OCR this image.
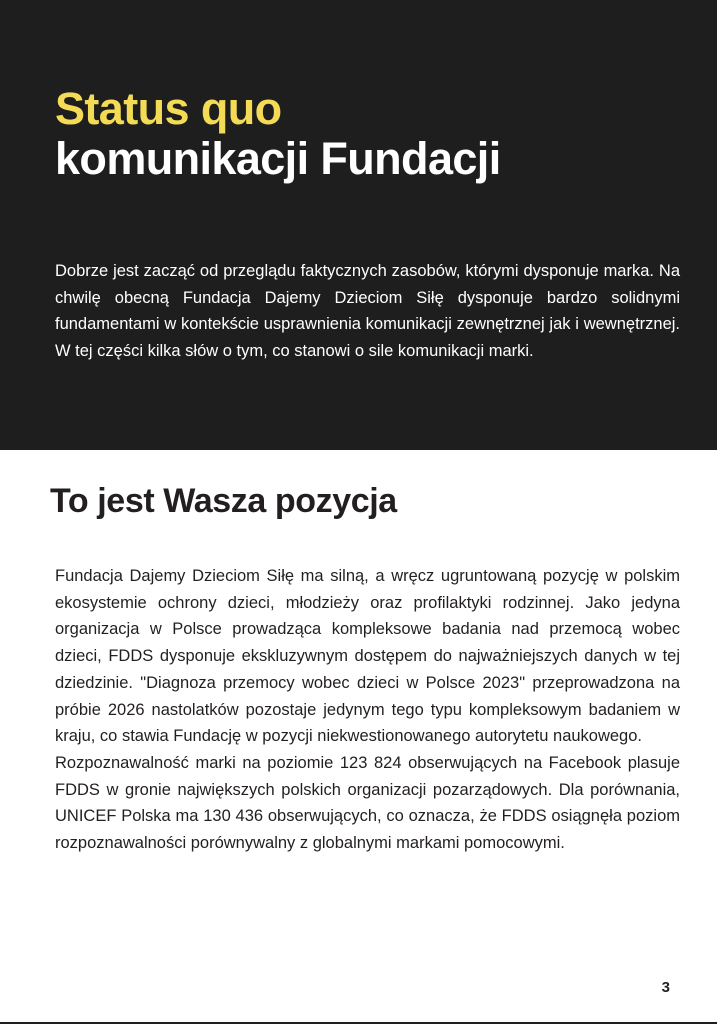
Status quo
komunikacji Fundacji

Dobrze jest zacząć od przeglądu faktycznych zasobów, którymi dysponuje marka. Na chwilę obecną Fundacja Dajemy Dzieciom Siłę dysponuje bardzo solidnymi fundamentami w kontekście usprawnienia komunikacji zewnętrznej jak i wewnętrznej. W tej części kilka słów o tym, co stanowi o sile komunikacji marki.

To jest Wasza pozycja

Fundacja Dajemy Dzieciom Siłę ma silną, a wręcz ugruntowaną pozycję w polskim ekosystemie ochrony dzieci, młodzieży oraz profilaktyki rodzinnej. Jako jedyna organizacja w Polsce prowadząca kompleksowe badania nad przemocą wobec dzieci, FDDS dysponuje ekskluzywnym dostępem do najważniejszych danych w tej dziedzinie. "Diagnoza przemocy wobec dzieci w Polsce 2023" przeprowadzona na próbie 2026 nastolatków pozostaje jedynym tego typu kompleksowym badaniem w kraju, co stawia Fundację w pozycji niekwestionowanego autorytetu naukowego.

Rozpoznawalność marki na poziomie 123 824 obserwujących na Facebook plasuje FDDS w gronie największych polskich organizacji pozarządowych. Dla porównania, UNICEF Polska ma 130 436 obserwujących, co oznacza, że FDDS osiągnęła poziom rozpoznawalności porównywalny z globalnymi markami pomocowymi.

3
